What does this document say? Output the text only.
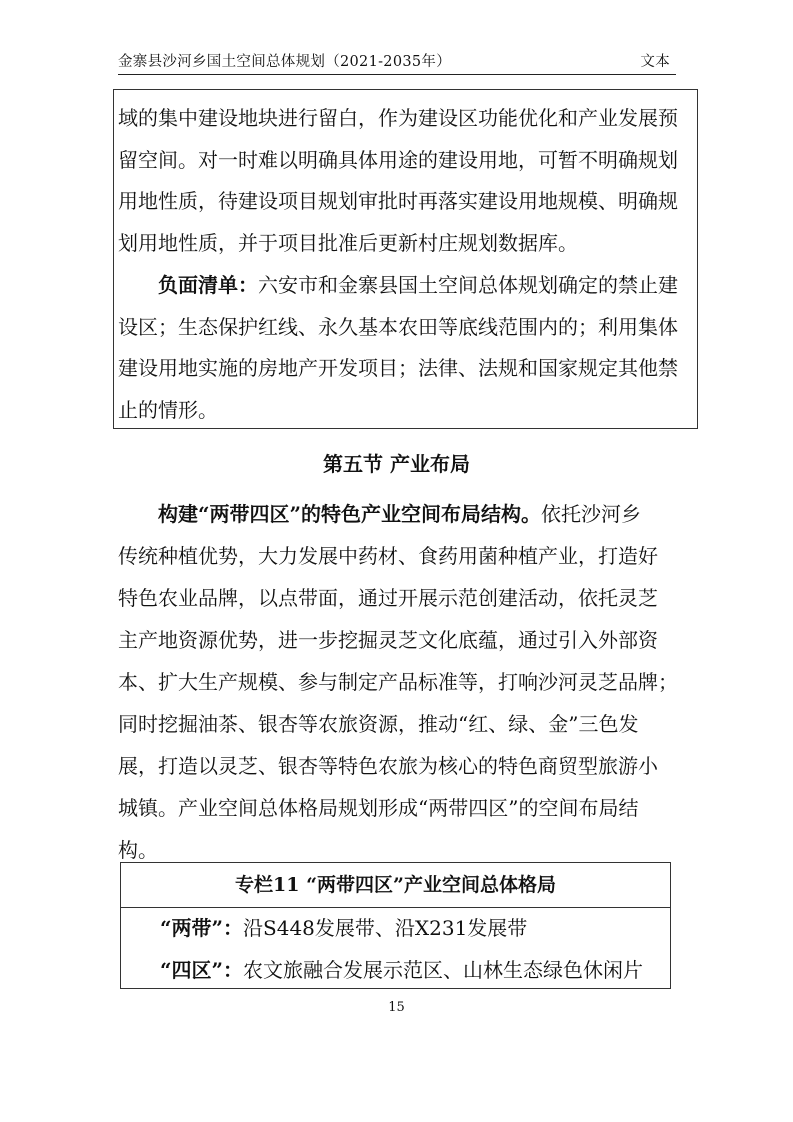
金寨县沙河乡国土空间总体规划（2021-2035年）	文本
域的集中建设地块进行留白，作为建设区功能优化和产业发展预
留空间。对一时难以明确具体用途的建设用地，可暂不明确规划
用地性质，待建设项目规划审批时再落实建设用地规模、明确规
划用地性质，并于项目批准后更新村庄规划数据库。
负面清单：六安市和金寨县国土空间总体规划确定的禁止建
设区；生态保护红线、永久基本农田等底线范围内的；利用集体
建设用地实施的房地产开发项目；法律、法规和国家规定其他禁
止的情形。
第五节 产业布局
构建“两带四区”的特色产业空间布局结构。依托沙河乡
传统种植优势，大力发展中药材、食药用菌种植产业，打造好
特色农业品牌，以点带面，通过开展示范创建活动，依托灵芝
主产地资源优势，进一步挖掘灵芝文化底蕴，通过引入外部资
本、扩大生产规模、参与制定产品标准等，打响沙河灵芝品牌；
同时挖掘油茶、银杏等农旅资源，推动“红、绿、金”三色发
展，打造以灵芝、银杏等特色农旅为核心的特色商贸型旅游小
城镇。产业空间总体格局规划形成“两带四区”的空间布局结
构。
专栏11 “两带四区”产业空间总体格局
“两带”：沿S448发展带、沿X231发展带
“四区”：农文旅融合发展示范区、山林生态绿色休闲片
15
